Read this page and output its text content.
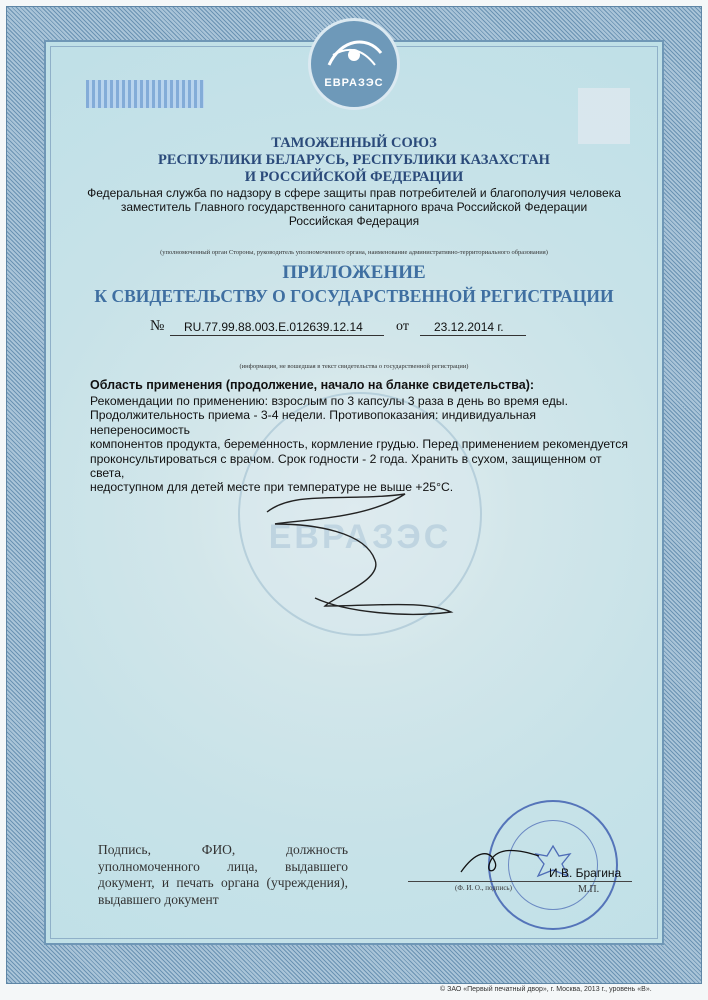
ЕВРАЗЭС
ЕВРАЗЭС
ТАМОЖЕННЫЙ СОЮЗ
РЕСПУБЛИКИ БЕЛАРУСЬ, РЕСПУБЛИКИ КАЗАХСТАН
И РОССИЙСКОЙ ФЕДЕРАЦИИ
Федеральная служба по надзору в сфере защиты прав потребителей и благополучия человека
заместитель Главного государственного санитарного врача Российской Федерации
Российская Федерация
(уполномоченный орган Стороны, руководитель уполномоченного органа, наименование административно-территориального образования)
ПРИЛОЖЕНИЕ
К СВИДЕТЕЛЬСТВУ О ГОСУДАРСТВЕННОЙ РЕГИСТРАЦИИ
№ RU.77.99.88.003.E.012639.12.14 от 23.12.2014 г.
(информация, не вошедшая в текст свидетельства о государственной регистрации)
Область применения (продолжение, начало на бланке свидетельства):
Рекомендации по применению: взрослым по 3 капсулы 3 раза в день во время еды.
Продолжительность приема - 3-4 недели. Противопоказания: индивидуальная непереносимость
компонентов продукта, беременность, кормление грудью. Перед применением рекомендуется
проконсультироваться с врачом. Срок годности - 2 года. Хранить в сухом, защищенном от света,
недоступном для детей месте при температуре не выше +25°С.
Подпись, ФИО, должность уполномоченного лица, выдавшего документ, и печать органа (учреждения), выдавшего документ
И.В. Брагина
(Ф. И. О., подпись)	М.П.
© ЗАО «Первый печатный двор», г. Москва, 2013 г., уровень «В».
